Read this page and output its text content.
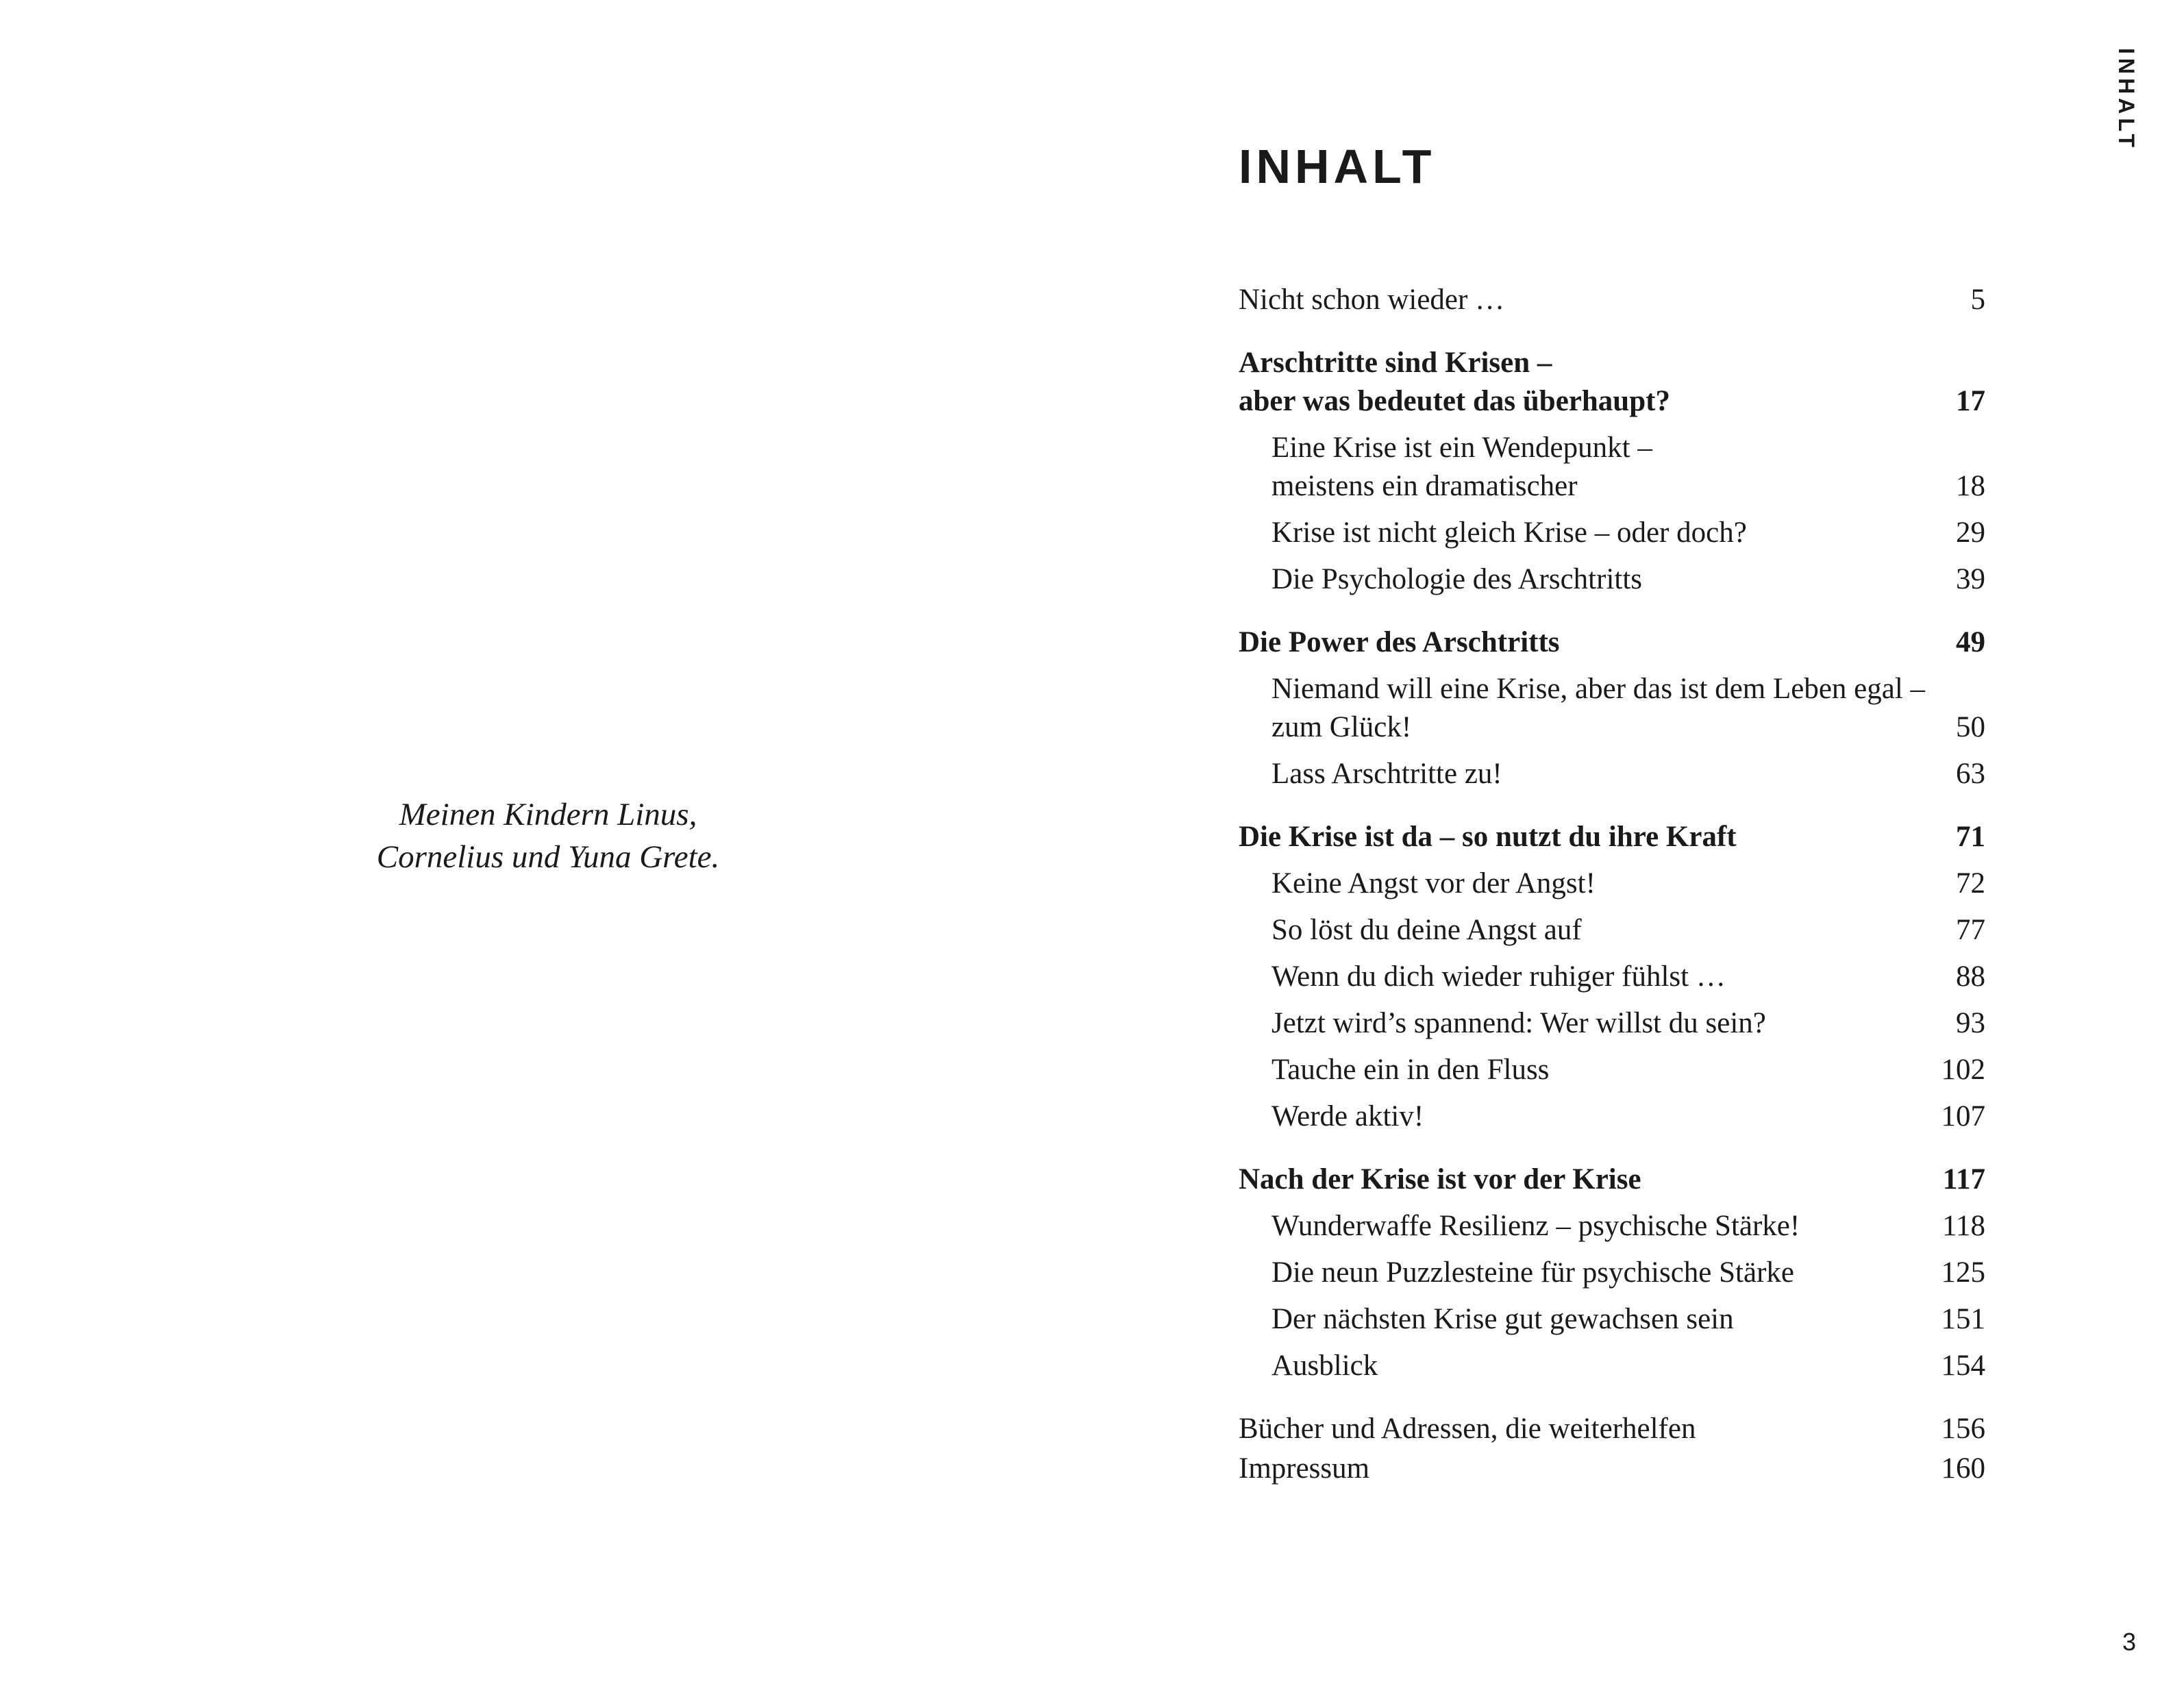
Meinen Kindern Linus,
Cornelius und Yuna Grete.
INHALT
INHALT
Nicht schon wieder …	5
Arschtritte sind Krisen –
aber was bedeutet das überhaupt?	17
Eine Krise ist ein Wendepunkt –
meistens ein dramatischer	18
Krise ist nicht gleich Krise – oder doch?	29
Die Psychologie des Arschtritts	39
Die Power des Arschtritts	49
Niemand will eine Krise, aber das ist dem Leben egal –
zum Glück!	50
Lass Arschtritte zu!	63
Die Krise ist da – so nutzt du ihre Kraft	71
Keine Angst vor der Angst!	72
So löst du deine Angst auf	77
Wenn du dich wieder ruhiger fühlst …	88
Jetzt wird’s spannend: Wer willst du sein?	93
Tauche ein in den Fluss	102
Werde aktiv!	107
Nach der Krise ist vor der Krise	117
Wunderwaffe Resilienz – psychische Stärke!	118
Die neun Puzzlesteine für psychische Stärke	125
Der nächsten Krise gut gewachsen sein	151
Ausblick	154
Bücher und Adressen, die weiterhelfen	156
Impressum	160
3
